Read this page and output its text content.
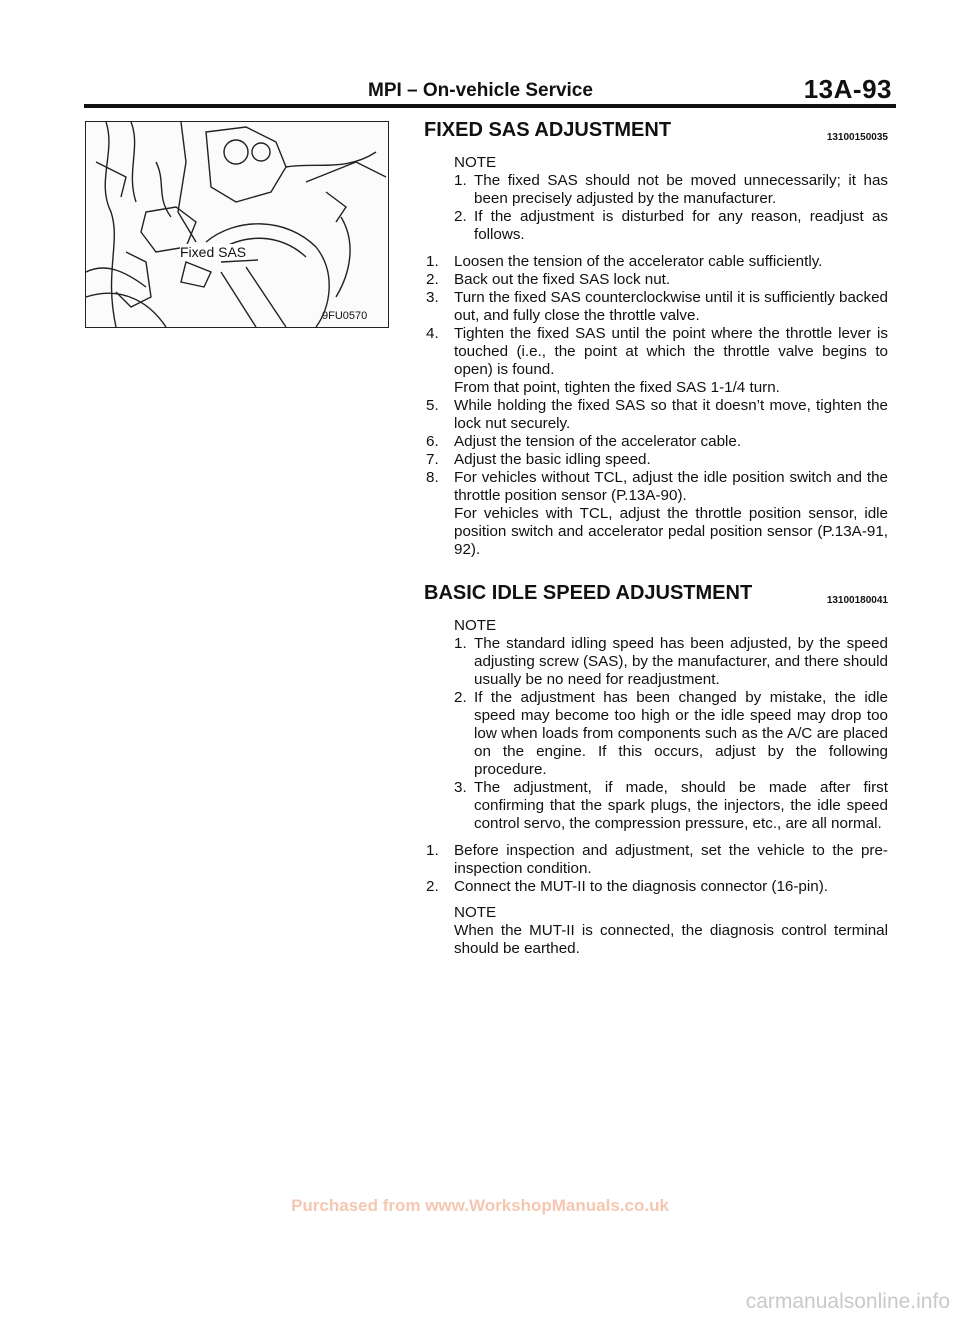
MPI – On-vehicle Service	13A-93
Fixed SAS
9FU0570
FIXED SAS ADJUSTMENT	13100150035
NOTE
1. The fixed SAS should not be moved unnecessarily; it has been precisely adjusted by the manufacturer.
2. If the adjustment is disturbed for any reason, readjust as follows.
1. Loosen the tension of the accelerator cable sufficiently.
2. Back out the fixed SAS lock nut.
3. Turn the fixed SAS counterclockwise until it is sufficiently backed out, and fully close the throttle valve.
4. Tighten the fixed SAS until the point where the throttle lever is touched (i.e., the point at which the throttle valve begins to open) is found.
From that point, tighten the fixed SAS 1-1/4 turn.
5. While holding the fixed SAS so that it doesn’t move, tighten the lock nut securely.
6. Adjust the tension of the accelerator cable.
7. Adjust the basic idling speed.
8. For vehicles without TCL, adjust the idle position switch and the throttle position sensor (P.13A-90).
For vehicles with TCL, adjust the throttle position sensor, idle position switch and accelerator pedal position sensor (P.13A-91, 92).
BASIC IDLE SPEED ADJUSTMENT	13100180041
NOTE
1. The standard idling speed has been adjusted, by the speed adjusting screw (SAS), by the manufacturer, and there should usually be no need for readjustment.
2. If the adjustment has been changed by mistake, the idle speed may become too high or the idle speed may drop too low when loads from components such as the A/C are placed on the engine. If this occurs, adjust by the following procedure.
3. The adjustment, if made, should be made after first confirming that the spark plugs, the injectors, the idle speed control servo, the compression pressure, etc., are all normal.
1. Before inspection and adjustment, set the vehicle to the pre-inspection condition.
2. Connect the MUT-II to the diagnosis connector (16-pin).
NOTE
When the MUT-II is connected, the diagnosis control terminal should be earthed.
Purchased from www.WorkshopManuals.co.uk
carmanualsonline.info
